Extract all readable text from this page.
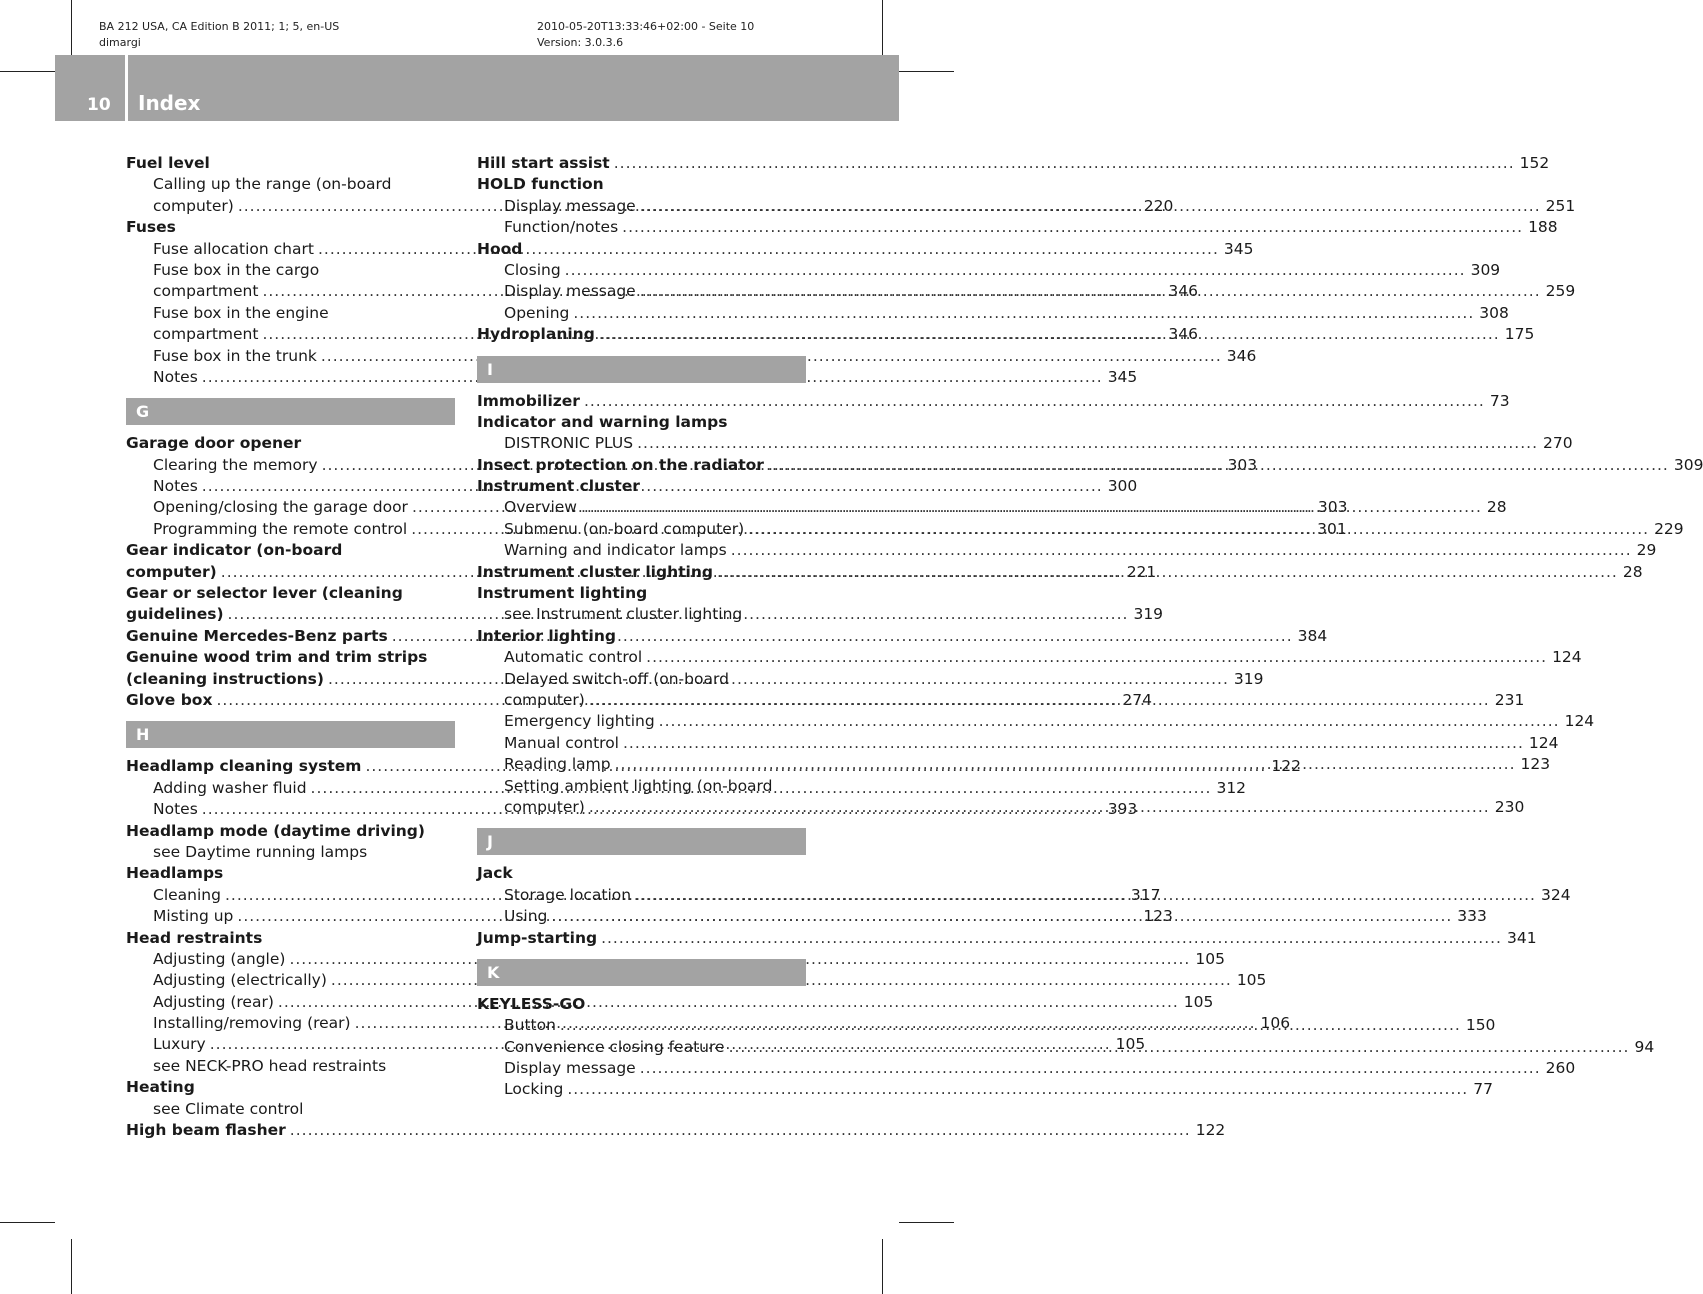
BA 212 USA, CA Edition B 2011; 1; 5, en-US
dimargi
2010-05-20T13:33:46+02:00 - Seite 10
Version: 3.0.3.6
10 Index
Fuel level
Calling up the range (on-board
computer) .....	220
Fuses
Fuse allocation chart .....	345
Fuse box in the cargo
compartment .....	346
Fuse box in the engine
compartment .....	346
Fuse box in the trunk .....	346
Notes .....	345
G
Garage door opener
Clearing the memory .....	303
Notes .....	300
Opening/closing the garage door .....	303
Programming the remote control .....	301
Gear indicator (on-board
computer) .....	221
Gear or selector lever (cleaning
guidelines) .....	319
Genuine Mercedes-Benz parts .....	384
Genuine wood trim and trim strips
(cleaning instructions) .....	319
Glove box .....	274
H
Headlamp cleaning system .....	122
Adding washer fluid .....	312
Notes .....	393
Headlamp mode (daytime driving)
see Daytime running lamps
Headlamps
Cleaning .....	317
Misting up .....	123
Head restraints
Adjusting (angle) .....	105
Adjusting (electrically) .....	105
Adjusting (rear) .....	105
Installing/removing (rear) .....	106
Luxury .....	105
see NECK-PRO head restraints
Heating
see Climate control
High beam flasher .....	122
Hill start assist .....	152
HOLD function
Display message .....	251
Function/notes .....	188
Hood
Closing .....	309
Display message .....	259
Opening .....	308
Hydroplaning .....	175
I
Immobilizer .....	73
Indicator and warning lamps
DISTRONIC PLUS .....	270
Insect protection on the radiator .....	309
Instrument cluster
Overview .....	28
Submenu (on-board computer) .....	229
Warning and indicator lamps .....	29
Instrument cluster lighting .....	28
Instrument lighting
see Instrument cluster lighting
Interior lighting
Automatic control .....	124
Delayed switch-off (on-board
computer) .....	231
Emergency lighting .....	124
Manual control .....	124
Reading lamp .....	123
Setting ambient lighting (on-board
computer) .....	230
J
Jack
Storage location .....	324
Using .....	333
Jump-starting .....	341
K
KEYLESS-GO
Button .....	150
Convenience closing feature .....	94
Display message .....	260
Locking .....	77
